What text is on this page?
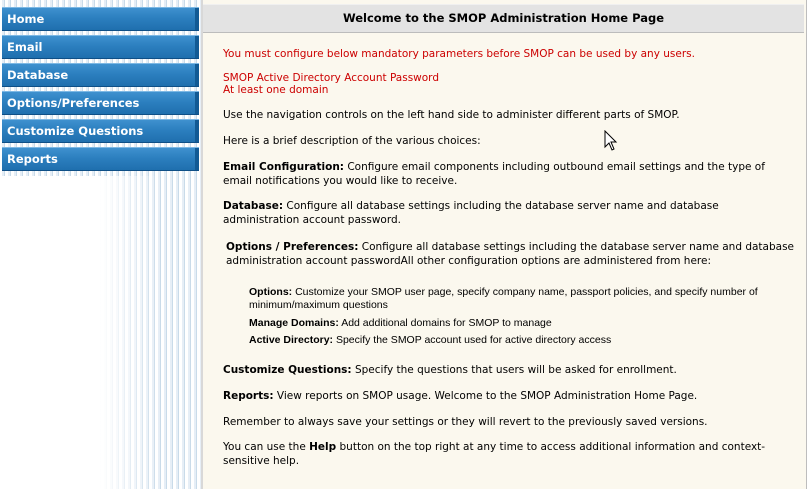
Home
Email
Database
Options/Preferences
Customize Questions
Reports
Welcome to the SMOP Administration Home Page
You must configure below mandatory parameters before SMOP can be used by any users.
SMOP Active Directory Account Password
At least one domain
Use the navigation controls on the left hand side to administer different parts of SMOP.
Here is a brief description of the various choices:
Email Configuration: Configure email components including outbound email settings and the type of email notifications you would like to receive.
Database: Configure all database settings including the database server name and database administration account password.
Options / Preferences: Configure all database settings including the database server name and database administration account passwordAll other configuration options are administered from here:
Options: Customize your SMOP user page, specify company name, passport policies, and specify number of minimum/maximum questions
Manage Domains: Add additional domains for SMOP to manage
Active Directory: Specify the SMOP account used for active directory access
Customize Questions: Specify the questions that users will be asked for enrollment.
Reports: View reports on SMOP usage. Welcome to the SMOP Administration Home Page.
Remember to always save your settings or they will revert to the previously saved versions.
You can use the Help button on the top right at any time to access additional information and context-sensitive help.
